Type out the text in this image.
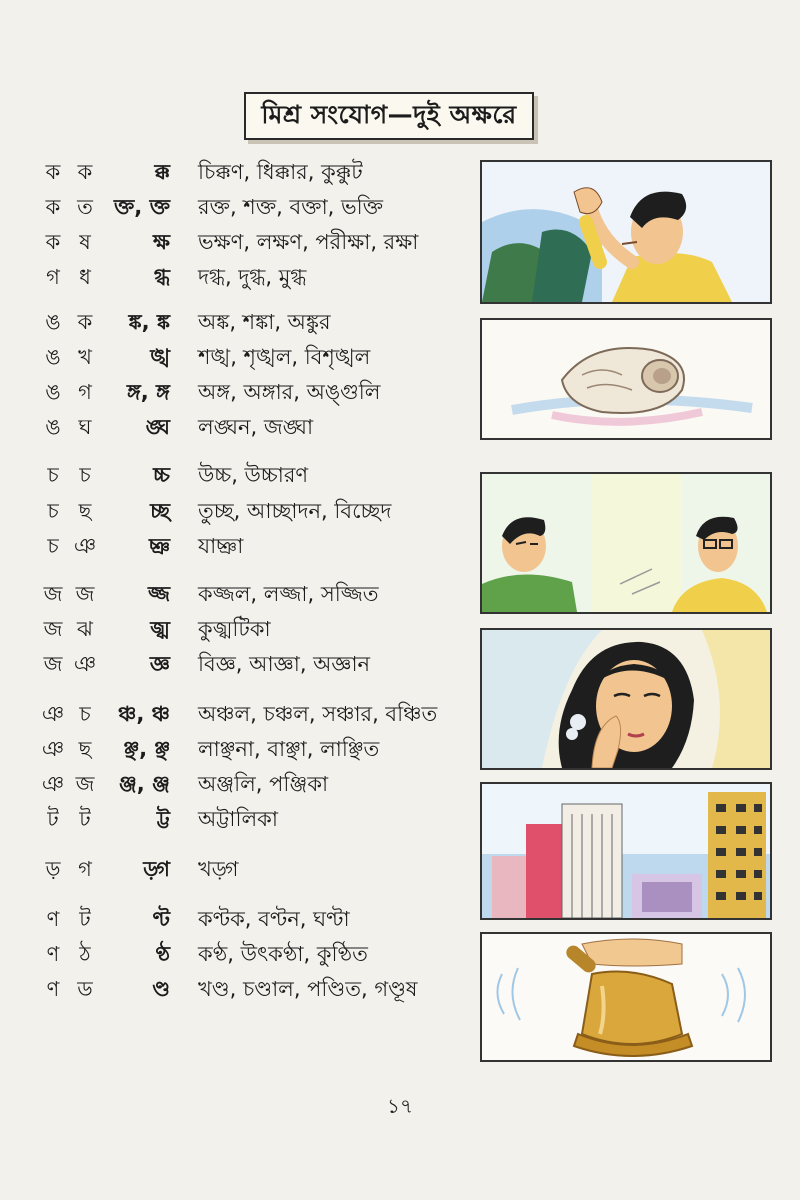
মিশ্র সংযোগ—দুই অক্ষরে
ক ক	ক্ক চিক্কণ, ধিক্কার, কুক্কুট
ক ত	ক্ত, ক্ত রক্ত, শক্ত, বক্তা, ভক্তি
ক ষ	ক্ষ ভক্ষণ, লক্ষণ, পরীক্ষা, রক্ষা
গ ধ	গ্ধ দগ্ধ, দুগ্ধ, মুগ্ধ
ঙ ক	ঙ্ক, ঙ্ক অঙ্ক, শঙ্কা, অঙ্কুর
ঙ খ	ঙ্খ শঙ্খ, শৃঙ্খল, বিশৃঙ্খল
ঙ গ	ঙ্গ, ঙ্গ অঙ্গ, অঙ্গার, অঙ্গুলি
ঙ ঘ	ঙ্ঘ লঙ্ঘন, জঙ্ঘা
চ চ	চ্চ উচ্চ, উচ্চারণ
চ ছ	চ্ছ তুচ্ছ, আচ্ছাদন, বিচ্ছেদ
চ ঞ	চ্ঞ যাচ্ঞা
জ জ	জ্জ কজ্জল, লজ্জা, সজ্জিত
জ ঝ	জ্ঝ কুজ্ঝটিকা
জ ঞ	জ্ঞ বিজ্ঞ, আজ্ঞা, অজ্ঞান
ঞ চ	ঞ্চ, ঞ্চ অঞ্চল, চঞ্চল, সঞ্চার, বঞ্চিত
ঞ ছ	ঞ্ছ, ঞ্ছ লাঞ্ছনা, বাঞ্ছা, লাঞ্ছিত
ঞ জ ঞ্জ, ঞ্জ অঞ্জলি, পঞ্জিকা
ট ট	ট্ট অট্টালিকা
ড় গ	ড়্গ খড়্গ
ণ ট	ণ্ট কণ্টক, বণ্টন, ঘণ্টা
ণ ঠ	ণ্ঠ কণ্ঠ, উৎকণ্ঠা, কুণ্ঠিত
ণ ড	ণ্ড খণ্ড, চণ্ডাল, পণ্ডিত, গণ্ডূষ
১৭
